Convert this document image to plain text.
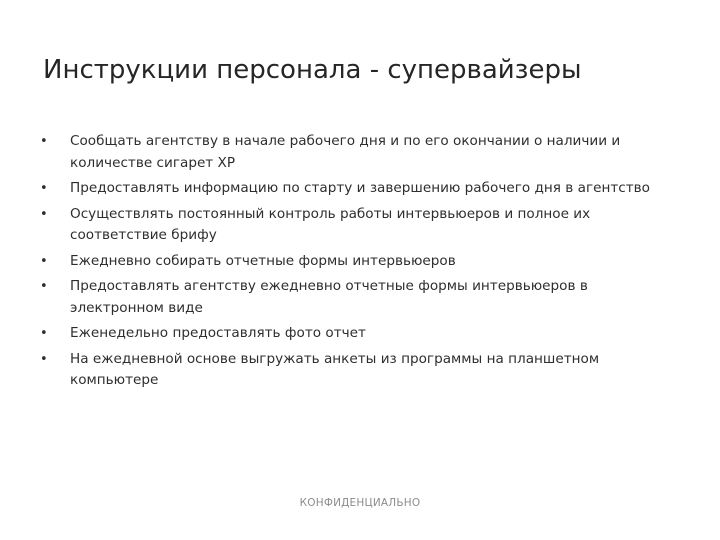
Инструкции персонала - супервайзеры
• Сообщать агентству в начале рабочего дня и по его окончании о наличии и количестве сигарет XP
• Предоставлять информацию по старту и завершению рабочего дня в агентство
• Осуществлять постоянный контроль работы интервьюеров и полное их соответствие брифу
• Ежедневно собирать отчетные формы интервьюеров
• Предоставлять агентству ежедневно отчетные формы интервьюеров в электронном виде
• Еженедельно предоставлять фото отчет
• На ежедневной основе выгружать анкеты из программы на планшетном компьютере
КОНФИДЕНЦИАЛЬНО
